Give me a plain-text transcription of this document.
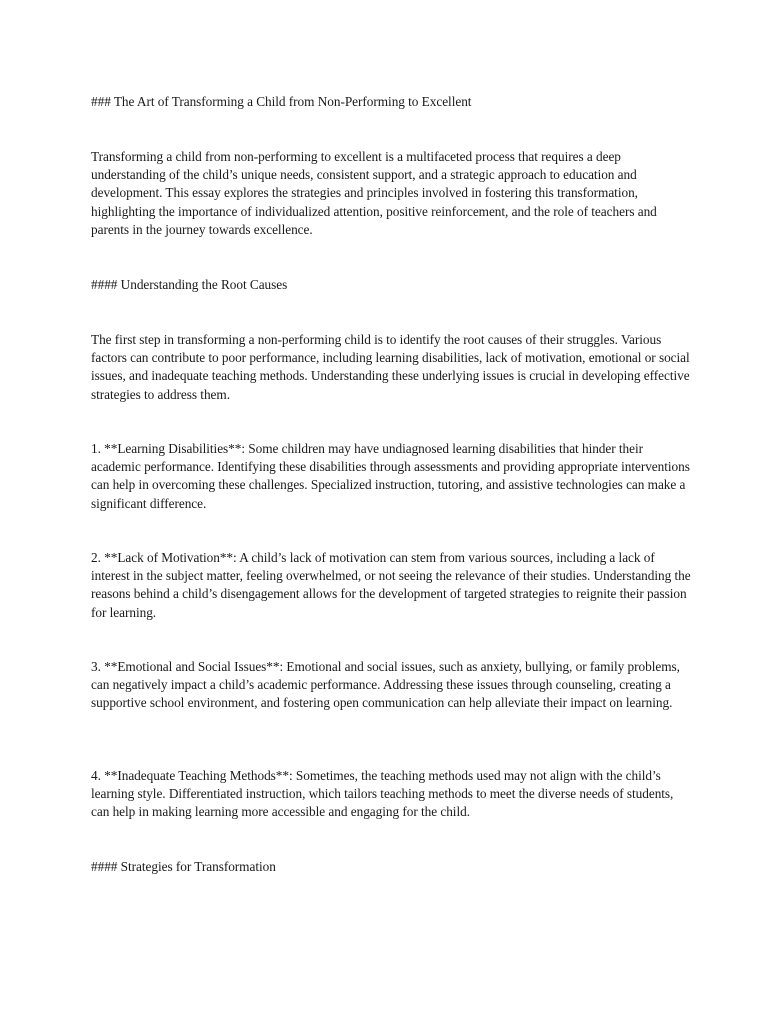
### The Art of Transforming a Child from Non-Performing to Excellent

Transforming a child from non-performing to excellent is a multifaceted process that requires a deep understanding of the child’s unique needs, consistent support, and a strategic approach to education and development. This essay explores the strategies and principles involved in fostering this transformation, highlighting the importance of individualized attention, positive reinforcement, and the role of teachers and parents in the journey towards excellence.

#### Understanding the Root Causes

The first step in transforming a non-performing child is to identify the root causes of their struggles. Various factors can contribute to poor performance, including learning disabilities, lack of motivation, emotional or social issues, and inadequate teaching methods. Understanding these underlying issues is crucial in developing effective strategies to address them.

1. **Learning Disabilities**: Some children may have undiagnosed learning disabilities that hinder their academic performance. Identifying these disabilities through assessments and providing appropriate interventions can help in overcoming these challenges. Specialized instruction, tutoring, and assistive technologies can make a significant difference.

2. **Lack of Motivation**: A child’s lack of motivation can stem from various sources, including a lack of interest in the subject matter, feeling overwhelmed, or not seeing the relevance of their studies. Understanding the reasons behind a child’s disengagement allows for the development of targeted strategies to reignite their passion for learning.

3. **Emotional and Social Issues**: Emotional and social issues, such as anxiety, bullying, or family problems, can negatively impact a child’s academic performance. Addressing these issues through counseling, creating a supportive school environment, and fostering open communication can help alleviate their impact on learning.

4. **Inadequate Teaching Methods**: Sometimes, the teaching methods used may not align with the child’s learning style. Differentiated instruction, which tailors teaching methods to meet the diverse needs of students, can help in making learning more accessible and engaging for the child.

#### Strategies for Transformation
